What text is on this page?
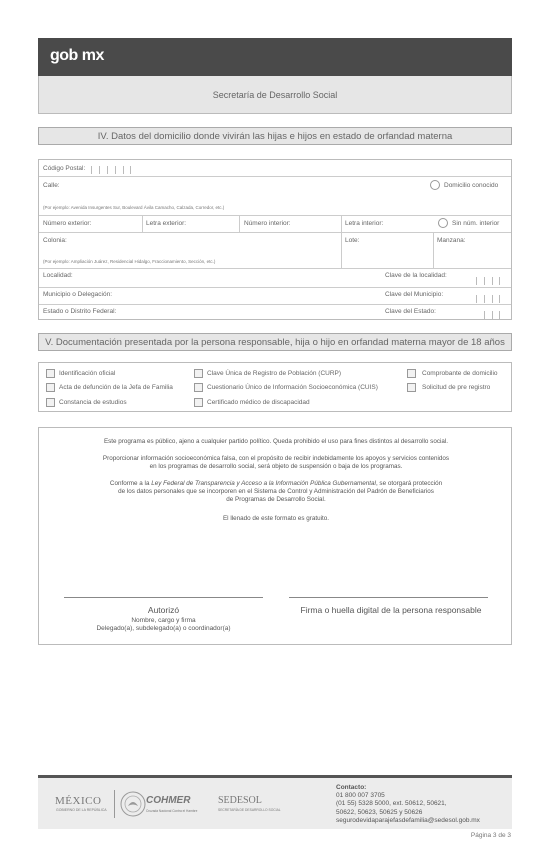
gob mx
Secretaría de Desarrollo Social
IV. Datos del domicilio donde vivirán las hijas e hijos en estado de orfandad materna
Código Postal:
Calle:	Domicilio conocido
(Por ejemplo: Avenida Insurgentes Sur, Boulevard Ávila Camacho, Calzada, Corredor, etc.)
Número exterior:	Letra exterior:	Número interior:	Letra interior:	Sin núm. interior
Colonia:	Lote:	Manzana:
(Por ejemplo: Ampliación Juárez, Residencial Hidalgo, Fraccionamiento, Sección, etc.)
Localidad:	Clave de la localidad:
Municipio o Delegación:	Clave del Municipio:
Estado o Distrito Federal:	Clave del Estado:
V. Documentación presentada por la persona responsable, hija o hijo en orfandad materna mayor de 18 años
Identificación oficial	Clave Única de Registro de Población (CURP)	Comprobante de domicilio
Acta de defunción de la Jefa de Familia	Cuestionario Único de Información Socioeconómica (CUIS)	Solicitud de pre registro
Constancia de estudios	Certificado médico de discapacidad
Este programa es público, ajeno a cualquier partido político. Queda prohibido el uso para fines distintos al desarrollo social.
Proporcionar información socioeconómica falsa, con el propósito de recibir indebidamente los apoyos y servicios contenidos
en los programas de desarrollo social, será objeto de suspensión o baja de los programas.
Conforme a la Ley Federal de Transparencia y Acceso a la Información Pública Gubernamental, se otorgará protección
de los datos personales que se incorporen en el Sistema de Control y Administración del Padrón de Beneficiarios
de Programas de Desarrollo Social.
El llenado de este formato es gratuito.
Autorizó
Nombre, cargo y firma
Delegado(a), subdelegado(a) o coordinador(a)
Firma o huella digital de la persona responsable
MÉXICO
GOBIERNO DE LA REPÚBLICA
COHMER
Cruzada Nacional Contra el Hambre
SEDESOL
SECRETARÍA DE DESARROLLO SOCIAL
Contacto:
01 800 007 3705
(01 55) 5328 5000, ext. 50612, 50621,
50622, 50623, 50625 y 50626
segurodevidaparajefasdefamilia@sedesol.gob.mx
Página 3 de 3
